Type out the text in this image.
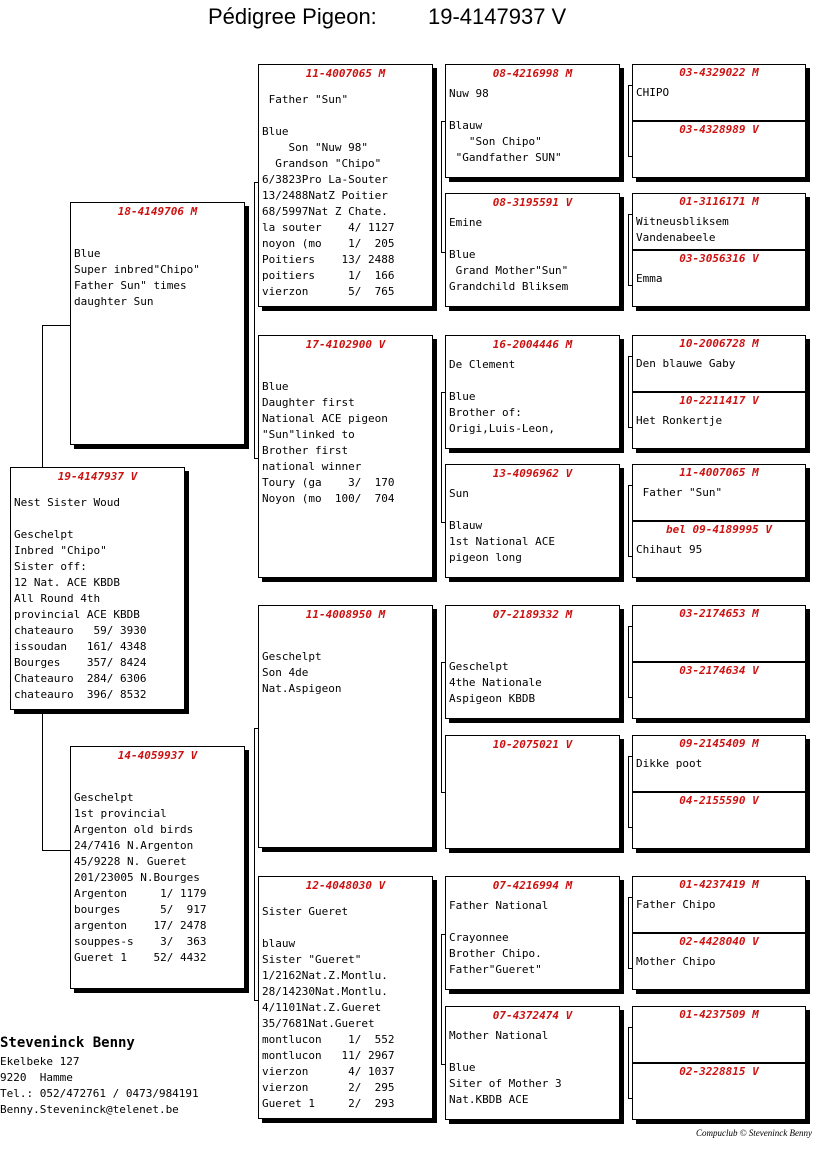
Pédigree Pigeon: 19-4147937 V
19-4147937 V
Nest Sister Woud
Geschelpt
Inbred "Chipo"
Sister off:
12 Nat. ACE KBDB
All Round 4th
provincial ACE KBDB
chateauro   59/ 3930
issoudan   161/ 4348
Bourges    357/ 8424
Chateauro  284/ 6306
chateauro  396/ 8532
18-4149706 M
Blue
Super inbred"Chipo"
Father Sun" times
daughter Sun
14-4059937 V
Geschelpt
1st provincial
Argenton old birds
24/7416 N.Argenton
45/9228 N. Gueret
201/23005 N.Bourges
Argenton     1/ 1179
bourges      5/  917
argenton    17/ 2478
souppes-s    3/  363
Gueret 1    52/ 4432
11-4007065 M
Father "Sun"
Blue
Son "Nuw 98"
Grandson "Chipo"
6/3823Pro La-Souter
13/2488NatZ Poitier
68/5997Nat Z Chate.
la souter    4/ 1127
noyon (mo    1/  205
Poitiers    13/ 2488
poitiers     1/  166
vierzon      5/  765
17-4102900 V
Blue
Daughter first
National ACE pigeon
"Sun"linked to
Brother first
national winner
Toury (ga    3/  170
Noyon (mo  100/  704
11-4008950 M
Geschelpt
Son 4de
Nat.Aspigeon
12-4048030 V
Sister Gueret
blauw
Sister "Gueret"
1/2162Nat.Z.Montlu.
28/14230Nat.Montlu.
4/1101Nat.Z.Gueret
35/7681Nat.Gueret
montlucon    1/  552
montlucon   11/ 2967
vierzon      4/ 1037
vierzon      2/  295
Gueret 1     2/  293
08-4216998 M
Nuw 98
Blauw
"Son Chipo"
"Gandfather SUN"
08-3195591 V
Emine
Blue
Grand Mother"Sun"
Grandchild Bliksem
16-2004446 M
De Clement
Blue
Brother of:
Origi,Luis-Leon,
13-4096962 V
Sun
Blauw
1st National ACE
pigeon long
07-2189332 M
Geschelpt
4the Nationale
Aspigeon KBDB
10-2075021 V
07-4216994 M
Father National
Crayonnee
Brother Chipo.
Father"Gueret"
07-4372474 V
Mother National
Blue
Siter of Mother 3
Nat.KBDB ACE
03-4329022 M
CHIPO
03-4328989 V
01-3116171 M
Witneusbliksem
Vandenabeele
03-3056316 V
Emma
10-2006728 M
Den blauwe Gaby
10-2211417 V
Het Ronkertje
11-4007065 M
Father "Sun"
bel 09-4189995 V
Chihaut 95
03-2174653 M
03-2174634 V
09-2145409 M
Dikke poot
04-2155590 V
01-4237419 M
Father Chipo
02-4428040 V
Mother Chipo
01-4237509 M
02-3228815 V
Steveninck Benny
Ekelbeke 127
9220  Hamme
Tel.: 052/472761 / 0473/984191
Benny.Steveninck@telenet.be
Compuclub © Steveninck Benny
